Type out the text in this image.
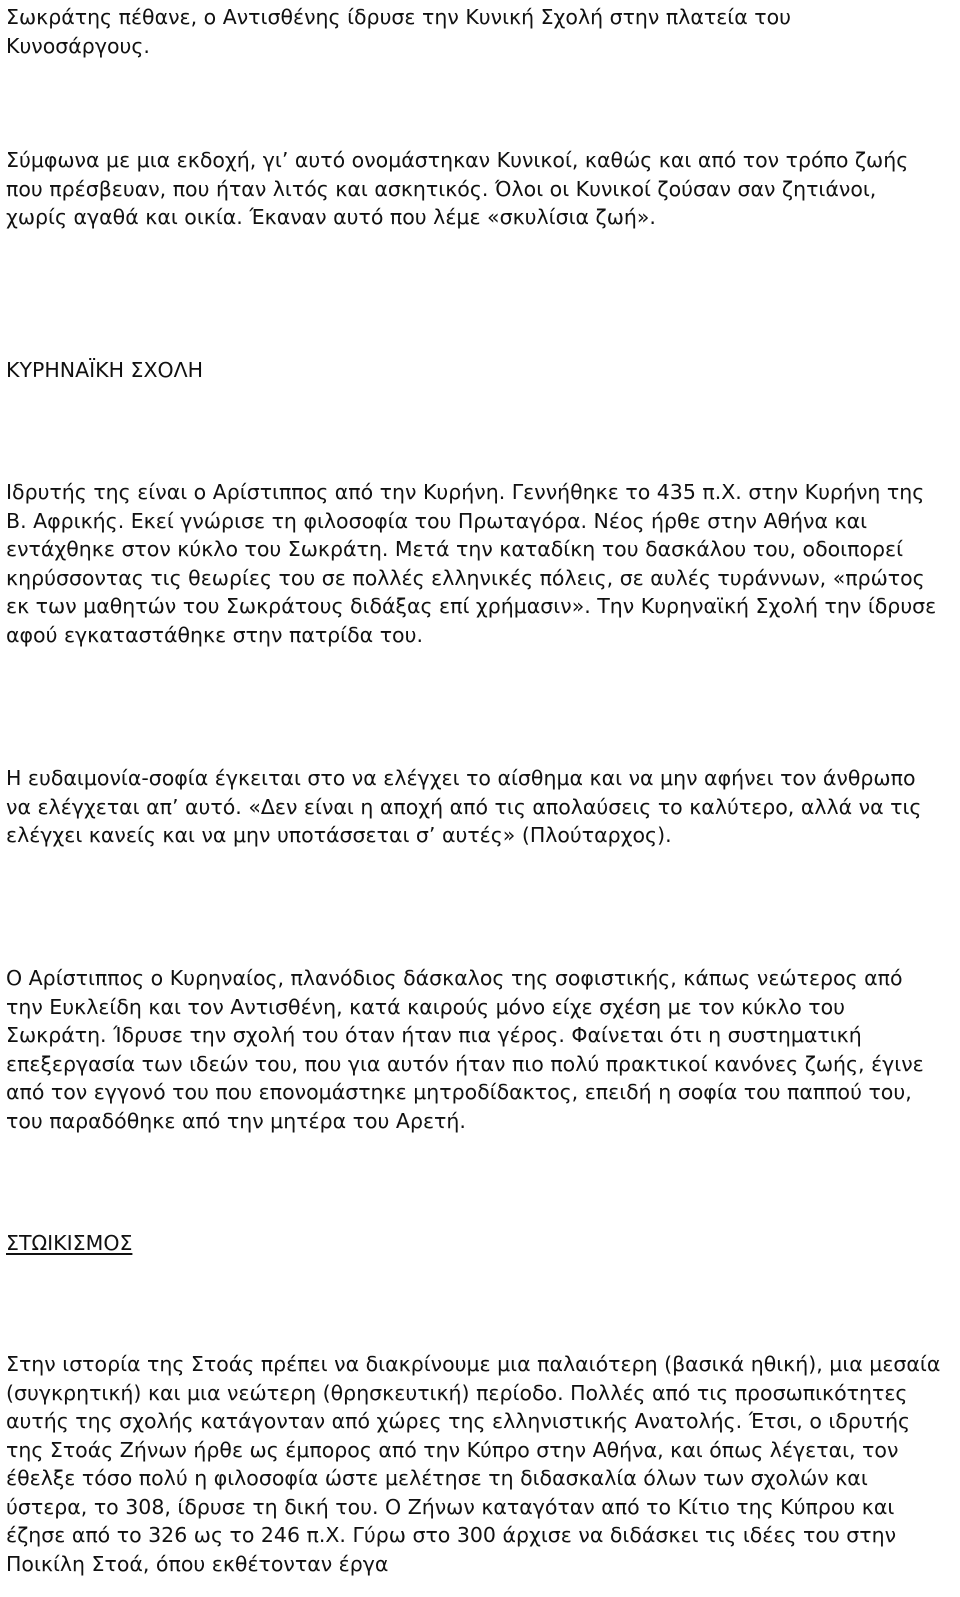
Σωκράτης πέθανε, ο Αντισθένης ίδρυσε την Κυνική Σχολή στην πλατεία του Κυνοσάργους.

Σύμφωνα με μια εκδοχή, γι’ αυτό ονομάστηκαν Κυνικοί, καθώς και από τον τρόπο ζωής που πρέσβευαν, που ήταν λιτός και ασκητικός. Όλοι οι Κυνικοί ζούσαν σαν ζητιάνοι, χωρίς αγαθά και οικία. Έκαναν αυτό που λέμε «σκυλίσια ζωή».

ΚΥΡΗΝΑΪΚΗ ΣΧΟΛΗ

Ιδρυτής της είναι ο Αρίστιππος από την Κυρήνη. Γεννήθηκε το 435 π.Χ. στην Κυρήνη της Β. Αφρικής. Εκεί γνώρισε τη φιλοσοφία του Πρωταγόρα. Νέος ήρθε στην Αθήνα και εντάχθηκε στον κύκλο του Σωκράτη. Μετά την καταδίκη του δασκάλου του, οδοιπορεί κηρύσσοντας τις θεωρίες του σε πολλές ελληνικές πόλεις, σε αυλές τυράννων, «πρώτος εκ των μαθητών του Σωκράτους διδάξας επί χρήμασιν». Την Κυρηναϊκή Σχολή την ίδρυσε αφού εγκαταστάθηκε στην πατρίδα του.

Η ευδαιμονία-σοφία έγκειται στο να ελέγχει το αίσθημα και να μην αφήνει τον άνθρωπο να ελέγχεται απ’ αυτό. «Δεν είναι η αποχή από τις απολαύσεις το καλύτερο, αλλά να τις ελέγχει κανείς και να μην υποτάσσεται σ’ αυτές» (Πλούταρχος).

Ο Αρίστιππος ο Κυρηναίος, πλανόδιος δάσκαλος της σοφιστικής, κάπως νεώτερος από την Ευκλείδη και τον Αντισθένη, κατά καιρούς μόνο είχε σχέση με τον κύκλο του Σωκράτη. Ίδρυσε την σχολή του όταν ήταν πια γέρος. Φαίνεται ότι η συστηματική επεξεργασία των ιδεών του, που για αυτόν ήταν πιο πολύ πρακτικοί κανόνες ζωής, έγινε από τον εγγονό του που επονομάστηκε μητροδίδακτος, επειδή η σοφία του παππού του, του παραδόθηκε από την μητέρα του Αρετή.

ΣΤΩΙΚΙΣΜΟΣ

Στην ιστορία της Στοάς πρέπει να διακρίνουμε μια παλαιότερη (βασικά ηθική), μια μεσαία (συγκρητική) και μια νεώτερη (θρησκευτική) περίοδο. Πολλές από τις προσωπικότητες αυτής της σχολής κατάγονταν από χώρες της ελληνιστικής Ανατολής. Έτσι, ο ιδρυτής της Στοάς Ζήνων ήρθε ως έμπορος από την Κύπρο στην Αθήνα, και όπως λέγεται, τον έθελξε τόσο πολύ η φιλοσοφία ώστε μελέτησε τη διδασκαλία όλων των σχολών και ύστερα, το 308, ίδρυσε τη δική του. Ο Ζήνων καταγόταν από το Κίτιο της Κύπρου και έζησε από το 326 ως το 246 π.Χ. Γύρω στο 300 άρχισε να διδάσκει τις ιδέες του στην Ποικίλη Στοά, όπου εκθέτονταν έργα
